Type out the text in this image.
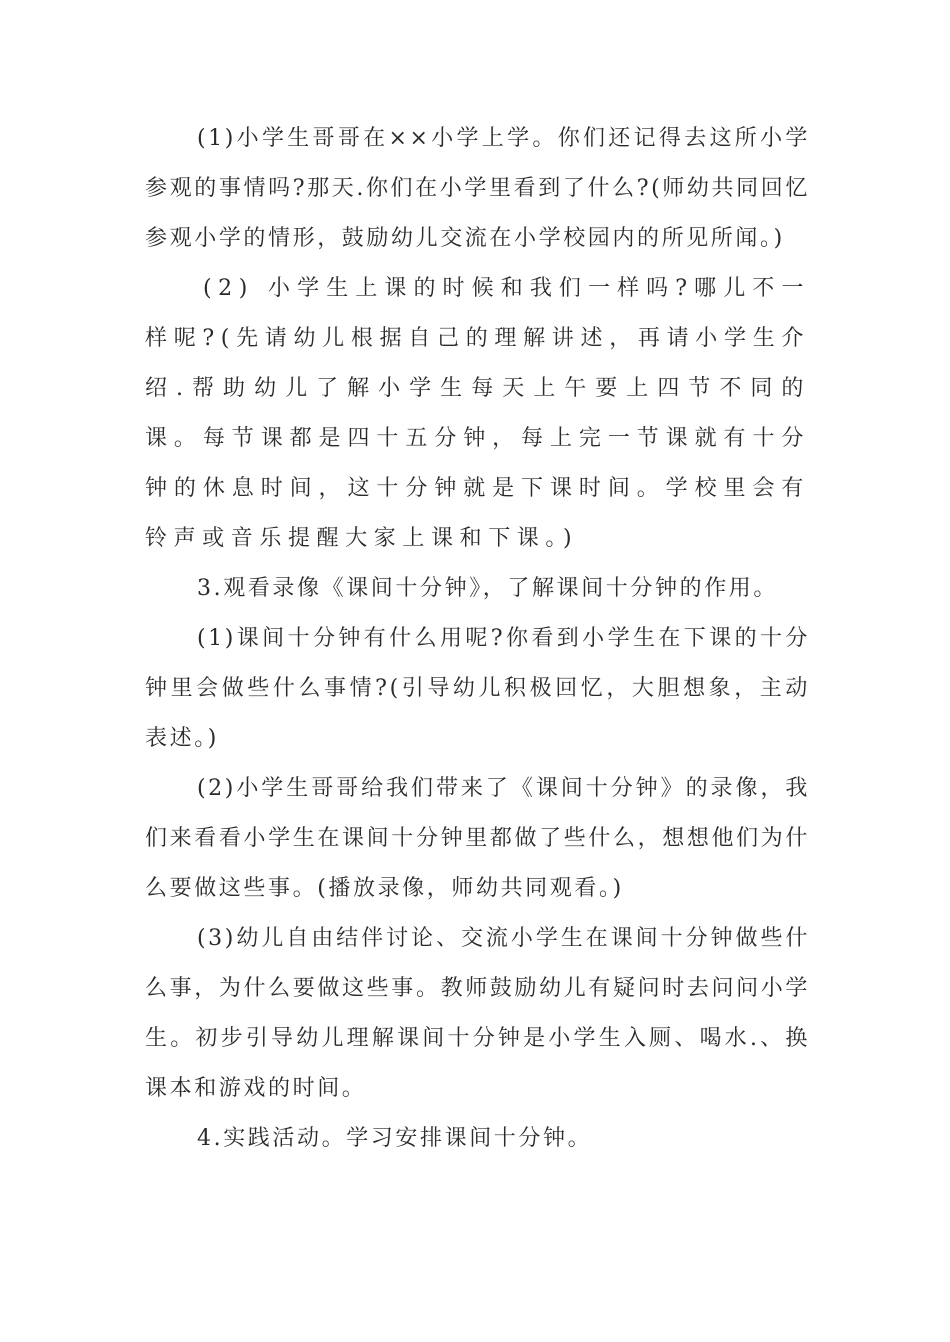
(1)小学生哥哥在××小学上学。你们还记得去这所小学参观的事情吗?那天.你们在小学里看到了什么?(师幼共同回忆参观小学的情形，鼓励幼儿交流在小学校园内的所见所闻。)

(2) 小学生上课的时候和我们一样吗?哪儿不一样呢?(先请幼儿根据自己的理解讲述，再请小学生介绍.帮助幼儿了解小学生每天上午要上四节不同的课。每节课都是四十五分钟，每上完一节课就有十分钟的休息时间，这十分钟就是下课时间。学校里会有铃声或音乐提醒大家上课和下课。)

3.观看录像《课间十分钟》，了解课间十分钟的作用。

(1)课间十分钟有什么用呢?你看到小学生在下课的十分钟里会做些什么事情?(引导幼儿积极回忆，大胆想象，主动表述。)

(2)小学生哥哥给我们带来了《课间十分钟》的录像，我们来看看小学生在课间十分钟里都做了些什么，想想他们为什么要做这些事。(播放录像，师幼共同观看。)

(3)幼儿自由结伴讨论、交流小学生在课间十分钟做些什么事，为什么要做这些事。教师鼓励幼儿有疑问时去问问小学生。初步引导幼儿理解课间十分钟是小学生入厕、喝水.、换课本和游戏的时间。

4.实践活动。学习安排课间十分钟。
